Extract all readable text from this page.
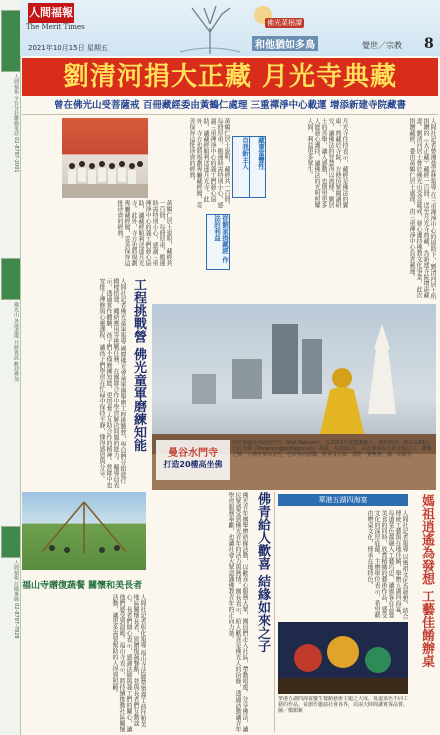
人間福報 全台分社聯絡電話 02-8787-2001
佛光山 各地道場 共修資訊 歡迎參加
人間福報 訂閱專線 02-8787-7828
人間福報
The Merit Times
2021年10月15日 星期五
佛光菜根譚
和他猶如多鳥	覺世／宗教 8
劉清河捐大正藏 月光寺典藏
曾在佛光山受菩薩戒 百冊藏經委由黃鶴仁處理 三重禪淨中心載運 增添新建寺院藏書
人間社記者曾湘曼雲林報導 在三重禪淨中心的協助下，劉清河居士所捐贈的《大正藏》藏經一百冊，送至月光寺典藏，為新建寺院增添藏書。劉清河居士曾於佛光山受菩薩戒，發心護持佛教文化事業，此次捐贈藏經，委由黃鶴仁居士處理，由三重禪淨中心負責載運。
月光寺住持表示，藏經是佛法的寶庫，典藏於寺院，方便信眾閱讀研究，讓佛法的智慧得以流傳。劉居士的善舉，讓人感動，也期望更多人能發心護持，讓佛法的光明照耀人間，利益更多眾生。
藏書富豐性
自我新主人
黃鶴仁居士說明，藏經共一百冊，每冊厚重，搬運時需特別小心，感謝三重禪淨中心的義工們發心協助，讓藏經順利送達月光寺。此外，寺方也將規劃專屬藏經閣，妥善保存這批珍貴的經典。
黃鶴仁居士說明，藏經共一百冊，每冊厚重，搬運時需特別小心，感謝三重禪淨中心的義工們發心協助，讓藏經順利送達月光寺。此外，寺方也將規劃專屬藏經閣，妥善保存這批珍貴的經典。	從劉家捐藏經 作法的利益
工程挑戰營 佛光童軍磨練知能
人間社記者佛光童軍報導 國際佛光會童軍團舉辦工程挑戰營，學員們分組進行橋樑搭建、繩結應用等挑戰任務，在團隊合作中學習解決問題的能力。輔導員表示，透過實作體驗，孩子們不僅磨練知能，更培養了互助合作的精神。營隊中也安排了禪修與心靈課程，讓孩子們學習在忙碌中保持平靜，懂得感恩與分享。	曼谷水門寺
打造20樓高坐佛
位於泰國曼谷的水門寺（Wat Paknam），在2019年底建案動工，歷經兩年，後以高69公尺的大佛（Phramongkolthepmuni）高成，在2021年，以此佛像為首的寺院完工，佛像之尊，大佛全身以金色，色彩極為鮮豔，遊客及信眾，都能一覽無遺。圖／法新社
福山寺贈復蔬餐 關懷和美長者
人間社記者彰化報導 福山寺法師帶領義工前往和美地區關懷長者，致贈復蔬餐點，並與長者們互動談心。長者們開心表示，感謝法師與義工們的關心，讓他們感受到溫暖。福山寺表示，將持續推動社區關懷活動，讓更多需要幫助的人得到照顧。	佛青給人歡喜 結緣如來之子
佛光青年團舉辦結緣活動，以歡喜心服務大眾，團員們走入社區，帶動唱遊、分享佛法，讓民眾感受到佛光青年的活力與熱情。團長表示，給人歡喜是佛光人的信條，透過活動讓青年學習服務奉獻，也讓社會大眾認識佛教青年的正向力量。	華港五湖四海宴	媽祖逍遙為發想 工藝佳餚辦桌
人間社記者報導 以媽祖文化為發想，結合傳統工藝與在地佳餚，舉辦五湖四海宴，每道菜色都融入工藝巧思，讓賓客在品嘗美食的同時，欣賞精緻的藝術作品，感受文化的深厚底蘊。主辦單位表示，希望藉由辦桌文化，傳承在地特色。
華港五湖四海宴慶生餐餚藝術主題之大成，每道菜色不同工藝的作品，並創作邀請社會各界，以兩天時間讓賓客品嘗。圖／鄭頗紫
